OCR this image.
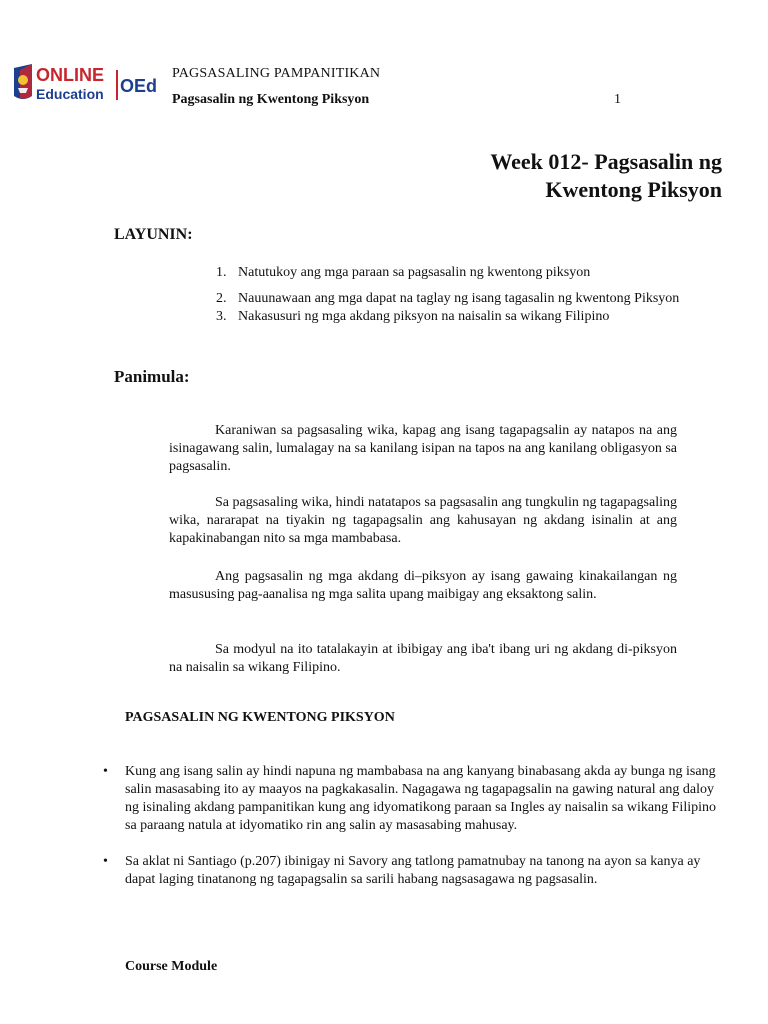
ONLINE
Education OEd
PAGSASALING PAMPANITIKAN
Pagsasalin ng Kwentong Piksyon	1
Week 012- Pagsasalin ng
Kwentong Piksyon
LAYUNIN:
1. Natutukoy ang mga paraan sa pagsasalin ng kwentong piksyon
2. Nauunawaan ang mga dapat na taglay ng isang tagasalin ng kwentong Piksyon
3. Nakasusuri ng mga akdang piksyon na naisalin sa wikang Filipino
Panimula:

Karaniwan sa pagsasaling wika, kapag ang isang tagapagsalin ay natapos na ang isinagawang salin, lumalagay na sa kanilang isipan na tapos na ang kanilang obligasyon sa pagsasalin.

Sa pagsasaling wika, hindi natatapos sa pagsasalin ang tungkulin ng tagapagsaling wika, nararapat na tiyakin ng tagapagsalin ang kahusayan ng akdang isinalin at ang kapakinabangan nito sa mga mambabasa.

Ang pagsasalin ng mga akdang di–piksyon ay isang gawaing kinakailangan ng masususing pag-aanalisa ng mga salita upang maibigay ang eksaktong salin.

Sa modyul na ito tatalakayin at ibibigay ang iba't ibang uri ng akdang di-piksyon na naisalin sa wikang Filipino.

PAGSASALIN NG KWENTONG PIKSYON
• Kung ang isang salin ay hindi napuna ng mambabasa na ang kanyang binabasang akda ay bunga ng isang salin masasabing ito ay maayos na pagkakasalin. Nagagawa ng tagapagsalin na gawing natural ang daloy ng isinaling akdang pampanitikan kung ang idyomatikong paraan sa Ingles ay naisalin sa wikang Filipino sa paraang natula at idyomatiko rin ang salin ay masasabing mahusay.
• Sa aklat ni Santiago (p.207) ibinigay ni Savory ang tatlong pamatnubay na tanong na ayon sa kanya ay dapat laging tinatanong ng tagapagsalin sa sarili habang nagsasagawa ng pagsasalin.
Course Module
